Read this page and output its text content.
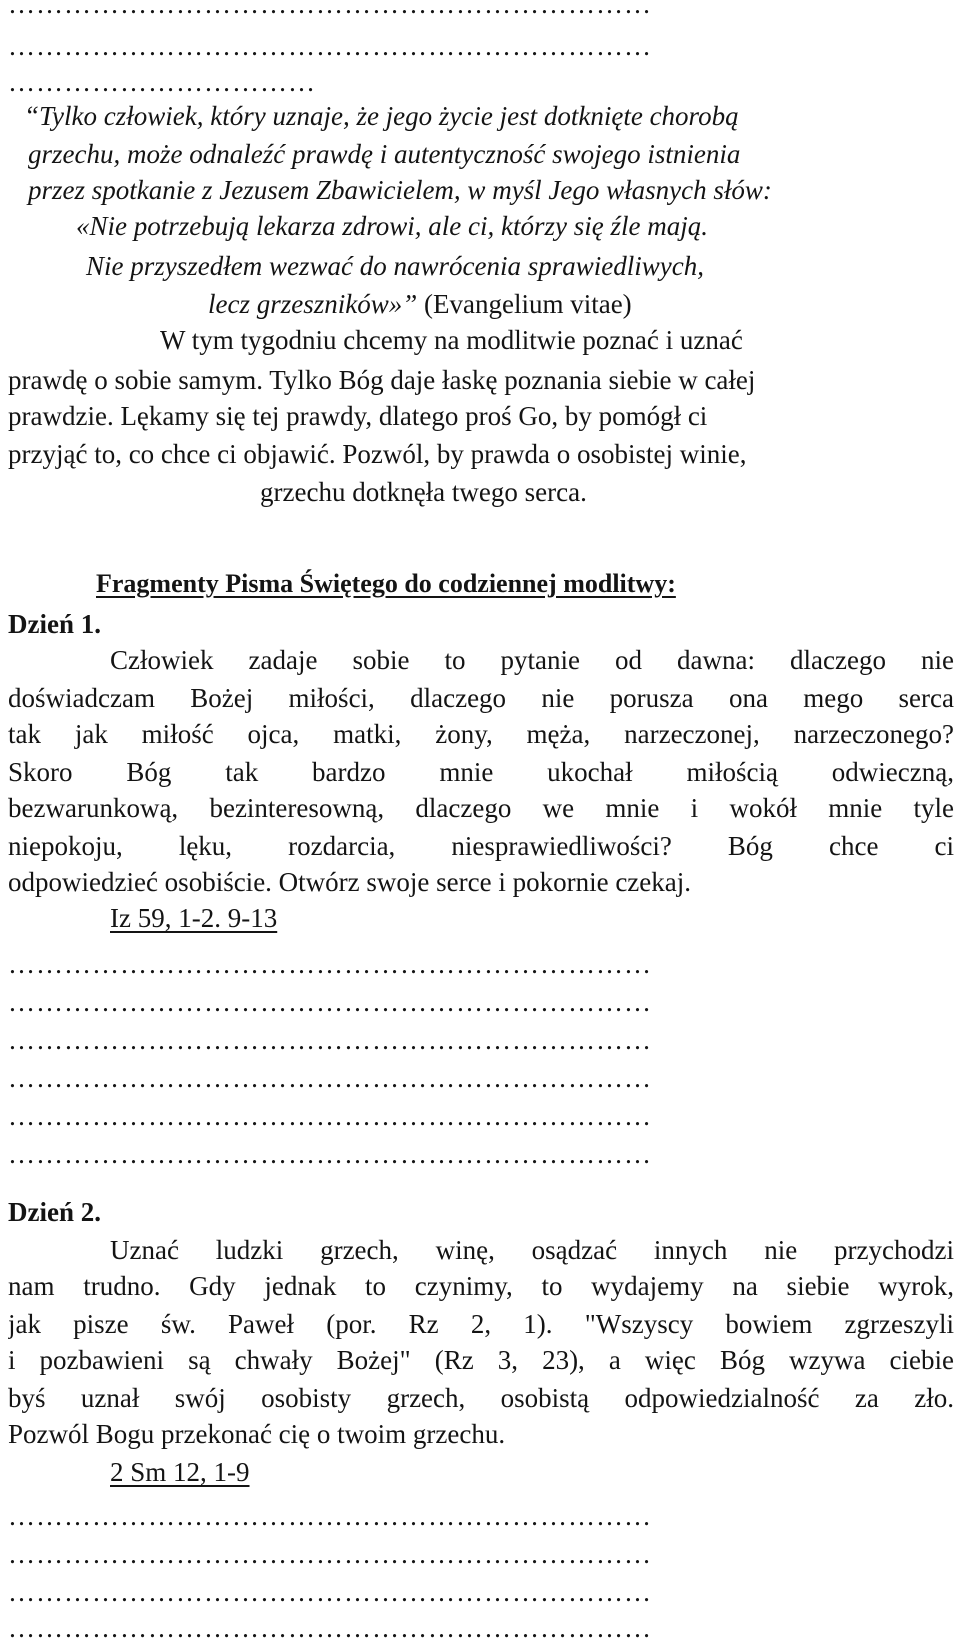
……………………………………………………………
……………………………………………………………
……………………………
“Tylko człowiek, który uznaje, że jego życie jest dotknięte chorobą
grzechu, może odnaleźć prawdę i autentyczność swojego istnienia
przez spotkanie z Jezusem Zbawicielem, w myśl Jego własnych słów:
«Nie potrzebują lekarza zdrowi, ale ci, którzy się źle mają.
Nie przyszedłem wezwać do nawrócenia sprawiedliwych,
lecz grzeszników»” (Evangelium vitae)
W tym tygodniu chcemy na modlitwie poznać i uznać
prawdę o sobie samym. Tylko Bóg daje łaskę poznania siebie w całej
prawdzie. Lękamy się tej prawdy, dlatego proś Go, by pomógł ci
przyjąć to, co chce ci objawić. Pozwól, by prawda o osobistej winie,
grzechu dotknęła twego serca.
Fragmenty Pisma Świętego do codziennej modlitwy:
Dzień 1.
Człowiek zadaje sobie to pytanie od dawna: dlaczego nie
doświadczam Bożej miłości, dlaczego nie porusza ona mego serca
tak jak miłość ojca, matki, żony, męża, narzeczonej, narzeczonego?
Skoro Bóg tak bardzo mnie ukochał miłością odwieczną,
bezwarunkową, bezinteresowną, dlaczego we mnie i wokół mnie tyle
niepokoju, lęku, rozdarcia, niesprawiedliwości? Bóg chce ci
odpowiedzieć osobiście. Otwórz swoje serce i pokornie czekaj.
Iz 59, 1-2. 9-13
……………………………………………………………
……………………………………………………………
……………………………………………………………
……………………………………………………………
……………………………………………………………
……………………………………………………………
Dzień 2.
Uznać ludzki grzech, winę, osądzać innych nie przychodzi
nam trudno. Gdy jednak to czynimy, to wydajemy na siebie wyrok,
jak pisze św. Paweł (por. Rz 2, 1). "Wszyscy bowiem zgrzeszyli
i pozbawieni są chwały Bożej" (Rz 3, 23), a więc Bóg wzywa ciebie
byś uznał swój osobisty grzech, osobistą odpowiedzialność za zło.
Pozwól Bogu przekonać cię o twoim grzechu.
2 Sm 12, 1-9
……………………………………………………………
……………………………………………………………
……………………………………………………………
……………………………………………………………
